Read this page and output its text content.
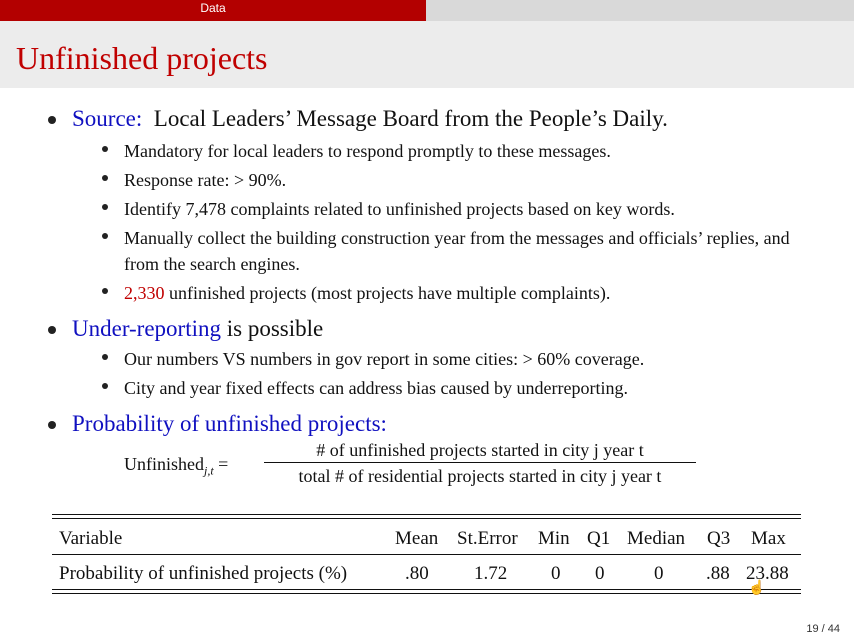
Data
Unfinished projects
Source: Local Leaders’ Message Board from the People’s Daily.
Mandatory for local leaders to respond promptly to these messages.
Response rate: > 90%.
Identify 7,478 complaints related to unfinished projects based on key words.
Manually collect the building construction year from the messages and officials’ replies, and from the search engines.
2,330 unfinished projects (most projects have multiple complaints).
Under-reporting is possible
Our numbers VS numbers in gov report in some cities: > 60% coverage.
City and year fixed effects can address bias caused by underreporting.
Probability of unfinished projects:
Unfinished$_{j,t}$ =
# of unfinished projects started in city j year t
total # of residential projects started in city j year t
Variable	Mean St.Error Min Q1 Median Q3 Max
Probability of unfinished projects (%)	.80 1.72 0 0	0 .88 23.88
☝
19 / 44
